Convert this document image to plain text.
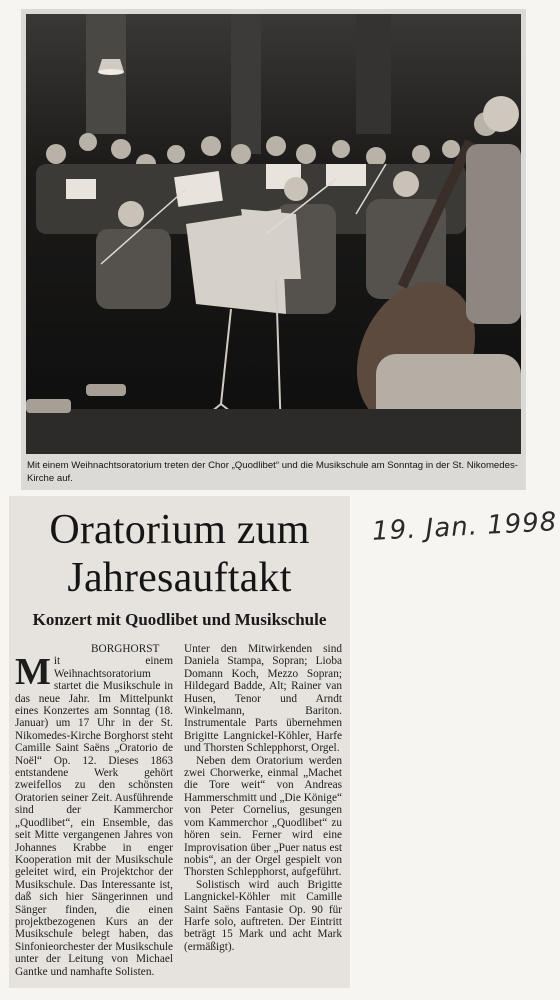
Mit einem Weihnachtsoratorium treten der Chor „Quodlibet“ und die Musikschule am Sonntag in der St. Nikomedes-Kirche auf.
Oratorium zum Jahresauftakt
Konzert mit Quodlibet und Musikschule

BORGHORST

M it einem Weihnachtsoratorium startet die Musikschule in das neue Jahr. Im Mittelpunkt eines Konzertes am Sonntag (18. Januar) um 17 Uhr in der St. Nikomedes-Kirche Borghorst steht Camille Saint Saëns „Oratorio de Noël“ Op. 12. Dieses 1863 entstandene Werk gehört zweifellos zu den schönsten Oratorien seiner Zeit. Ausführende sind der Kammerchor „Quodlibet“, ein Ensemble, das seit Mitte vergangenen Jahres von Johannes Krabbe in enger Kooperation mit der Musikschule geleitet wird, ein Projektchor der Musikschule. Das Interessante ist, daß sich hier Sängerinnen und Sänger finden, die einen projektbezogenen Kurs an der Musikschule belegt haben, das Sinfonieorchester der Musikschule unter der Leitung von Michael Gantke und namhafte Solisten.

Unter den Mitwirkenden sind Daniela Stampa, Sopran; Lioba Domann Koch, Mezzo Sopran; Hildegard Badde, Alt; Rainer van Husen, Tenor und Arndt Winkelmann, Bariton. Instrumentale Parts übernehmen Brigitte Langnickel-Köhler, Harfe und Thorsten Schlepphorst, Orgel.

Neben dem Oratorium werden zwei Chorwerke, einmal „Machet die Tore weit“ von Andreas Hammerschmitt und „Die Könige“ von Peter Cornelius, gesungen vom Kammerchor „Quodlibet“ zu hören sein. Ferner wird eine Improvisation über „Puer natus est nobis“, an der Orgel gespielt von Thorsten Schlepphorst, aufgeführt.

Solistisch wird auch Brigitte Langnickel-Köhler mit Camille Saint Saëns Fantasie Op. 90 für Harfe solo, auftreten. Der Eintritt beträgt 15 Mark und acht Mark (ermäßigt).

19. Jan. 1998
